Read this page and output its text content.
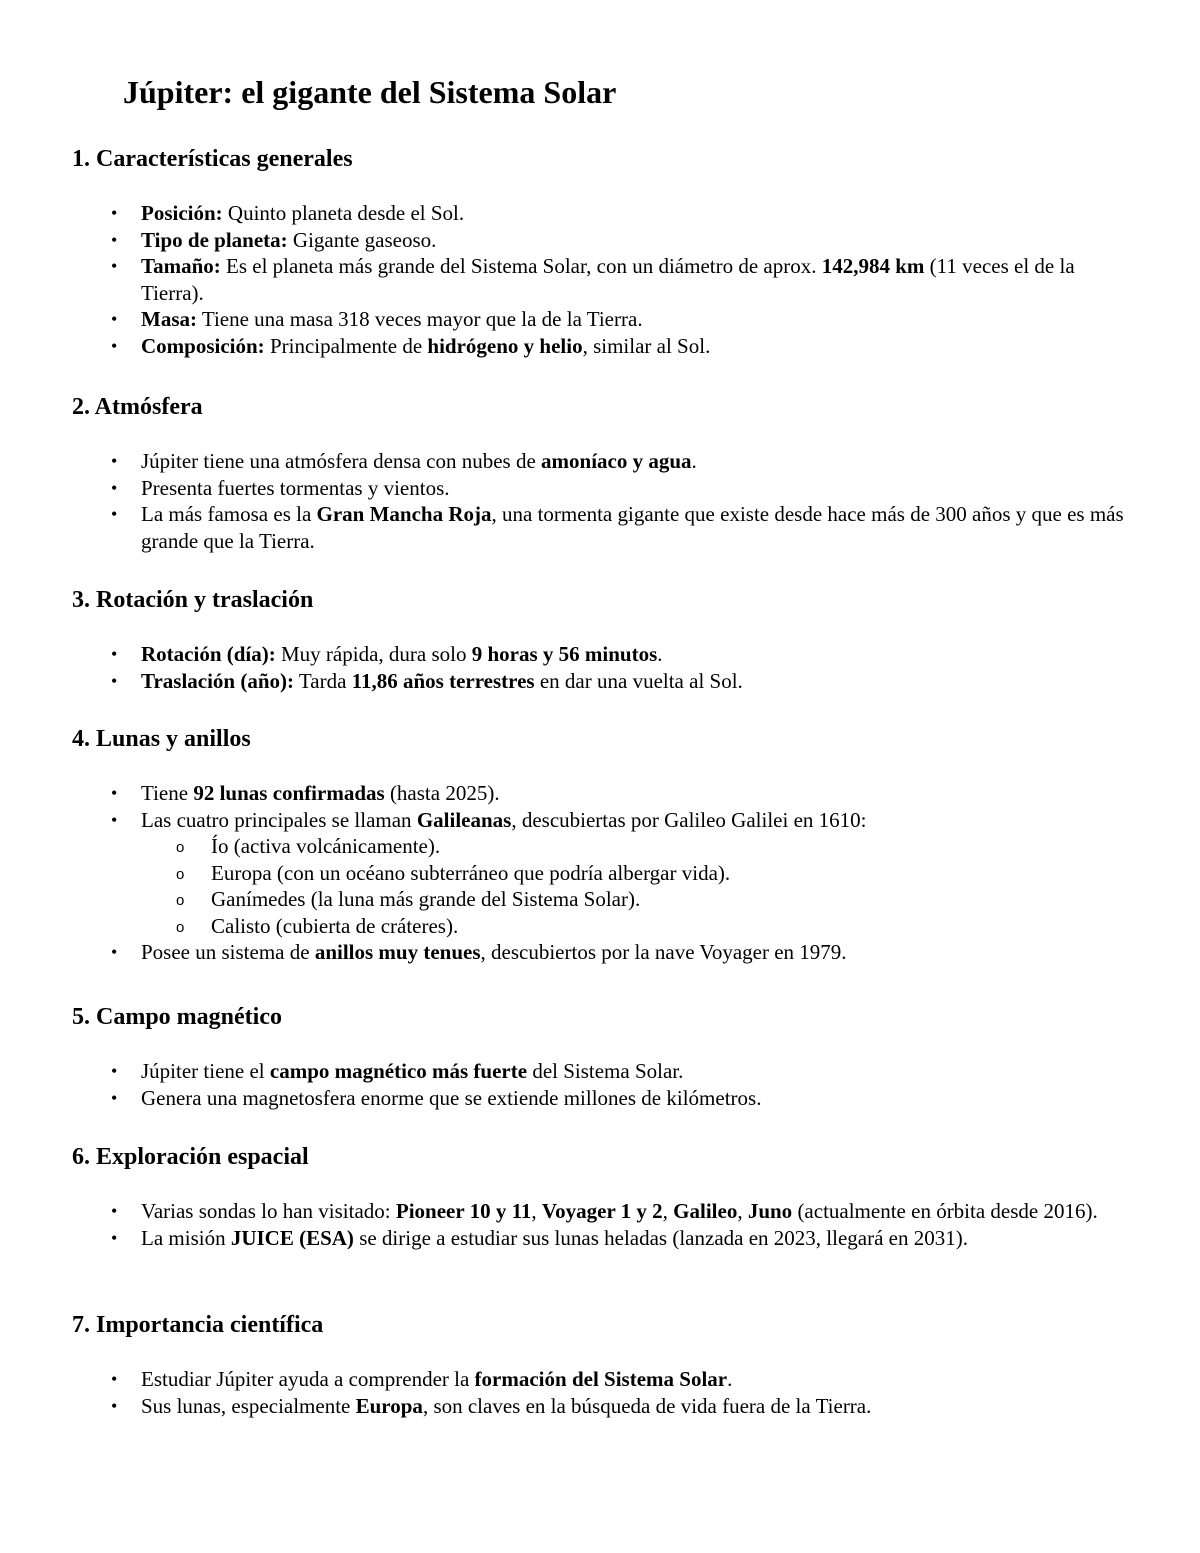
Júpiter: el gigante del Sistema Solar
1. Características generales
• Posición: Quinto planeta desde el Sol.
• Tipo de planeta: Gigante gaseoso.
• Tamaño: Es el planeta más grande del Sistema Solar, con un diámetro de aprox. 142,984 km (11 veces el de la Tierra).
• Masa: Tiene una masa 318 veces mayor que la de la Tierra.
• Composición: Principalmente de hidrógeno y helio, similar al Sol.
2. Atmósfera
• Júpiter tiene una atmósfera densa con nubes de amoníaco y agua.
• Presenta fuertes tormentas y vientos.
• La más famosa es la Gran Mancha Roja, una tormenta gigante que existe desde hace más de 300 años y que es más grande que la Tierra.
3. Rotación y traslación
• Rotación (día): Muy rápida, dura solo 9 horas y 56 minutos.
• Traslación (año): Tarda 11,86 años terrestres en dar una vuelta al Sol.
4. Lunas y anillos
• Tiene 92 lunas confirmadas (hasta 2025).
• Las cuatro principales se llaman Galileanas, descubiertas por Galileo Galilei en 1610:
o Ío (activa volcánicamente).
o Europa (con un océano subterráneo que podría albergar vida).
o Ganímedes (la luna más grande del Sistema Solar).
o Calisto (cubierta de cráteres).
• Posee un sistema de anillos muy tenues, descubiertos por la nave Voyager en 1979.
5. Campo magnético
• Júpiter tiene el campo magnético más fuerte del Sistema Solar.
• Genera una magnetosfera enorme que se extiende millones de kilómetros.
6. Exploración espacial
• Varias sondas lo han visitado: Pioneer 10 y 11, Voyager 1 y 2, Galileo, Juno (actualmente en órbita desde 2016).
• La misión JUICE (ESA) se dirige a estudiar sus lunas heladas (lanzada en 2023, llegará en 2031).
7. Importancia científica
• Estudiar Júpiter ayuda a comprender la formación del Sistema Solar.
• Sus lunas, especialmente Europa, son claves en la búsqueda de vida fuera de la Tierra.
